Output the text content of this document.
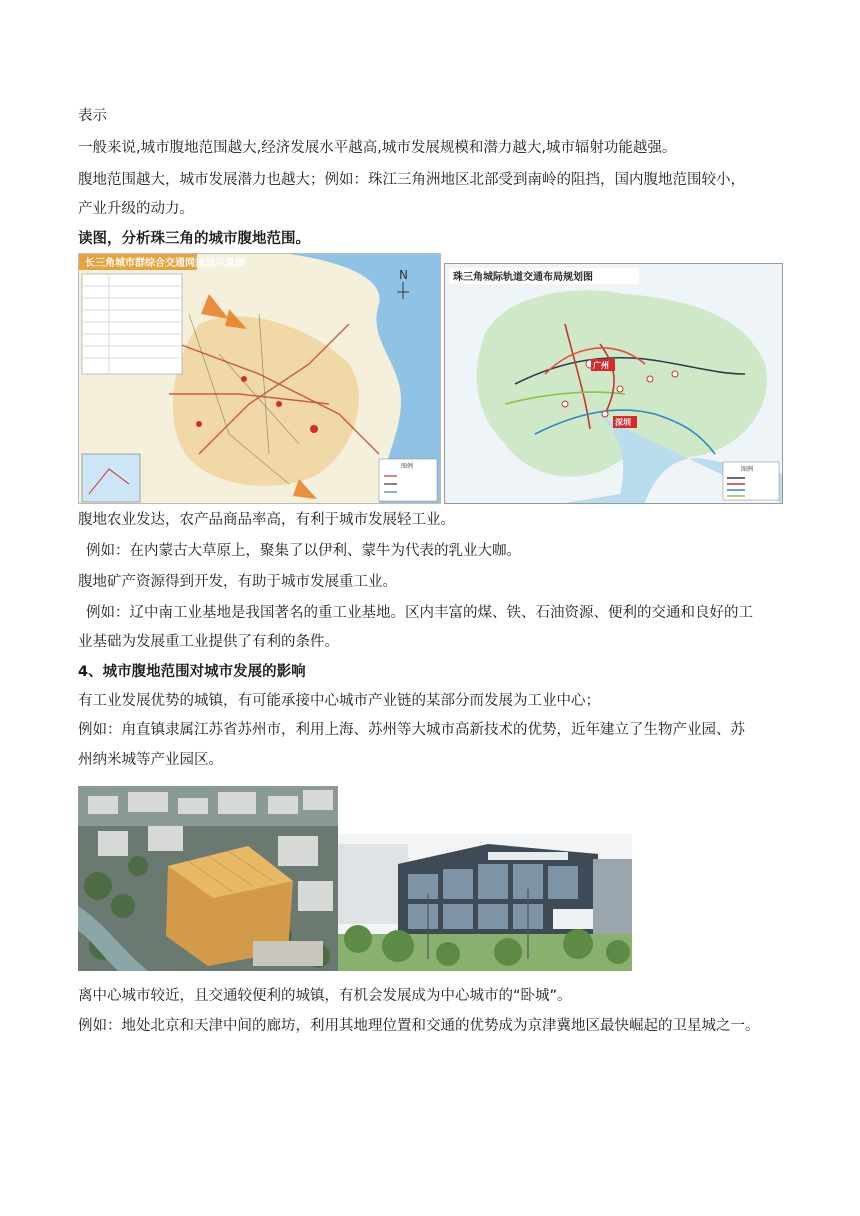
表示
一般来说,城市腹地范围越大,经济发展水平越高,城市发展规模和潜力越大,城市辐射功能越强。
腹地范围越大，城市发展潜力也越大；例如：珠江三角洲地区北部受到南岭的阻挡，国内腹地范围较小，
产业升级的动力。
读图，分析珠三角的城市腹地范围。
长三角城市群综合交通网规划示意图
图例
N
广州
深圳
珠三角城际轨道交通布局规划图
图例
腹地农业发达，农产品商品率高，有利于城市发展轻工业。
例如：在内蒙古大草原上，聚集了以伊利、蒙牛为代表的乳业大咖。
腹地矿产资源得到开发，有助于城市发展重工业。
例如：辽中南工业基地是我国著名的重工业基地。区内丰富的煤、铁、石油资源、便利的交通和良好的工
业基础为发展重工业提供了有利的条件。
4、城市腹地范围对城市发展的影响
有工业发展优势的城镇，有可能承接中心城市产业链的某部分而发展为工业中心；
例如：甪直镇隶属江苏省苏州市，利用上海、苏州等大城市高新技术的优势，近年建立了生物产业园、苏
州纳米城等产业园区。
离中心城市较近，且交通较便利的城镇，有机会发展成为中心城市的“卧城”。
例如：地处北京和天津中间的廊坊，利用其地理位置和交通的优势成为京津冀地区最快崛起的卫星城之一。
